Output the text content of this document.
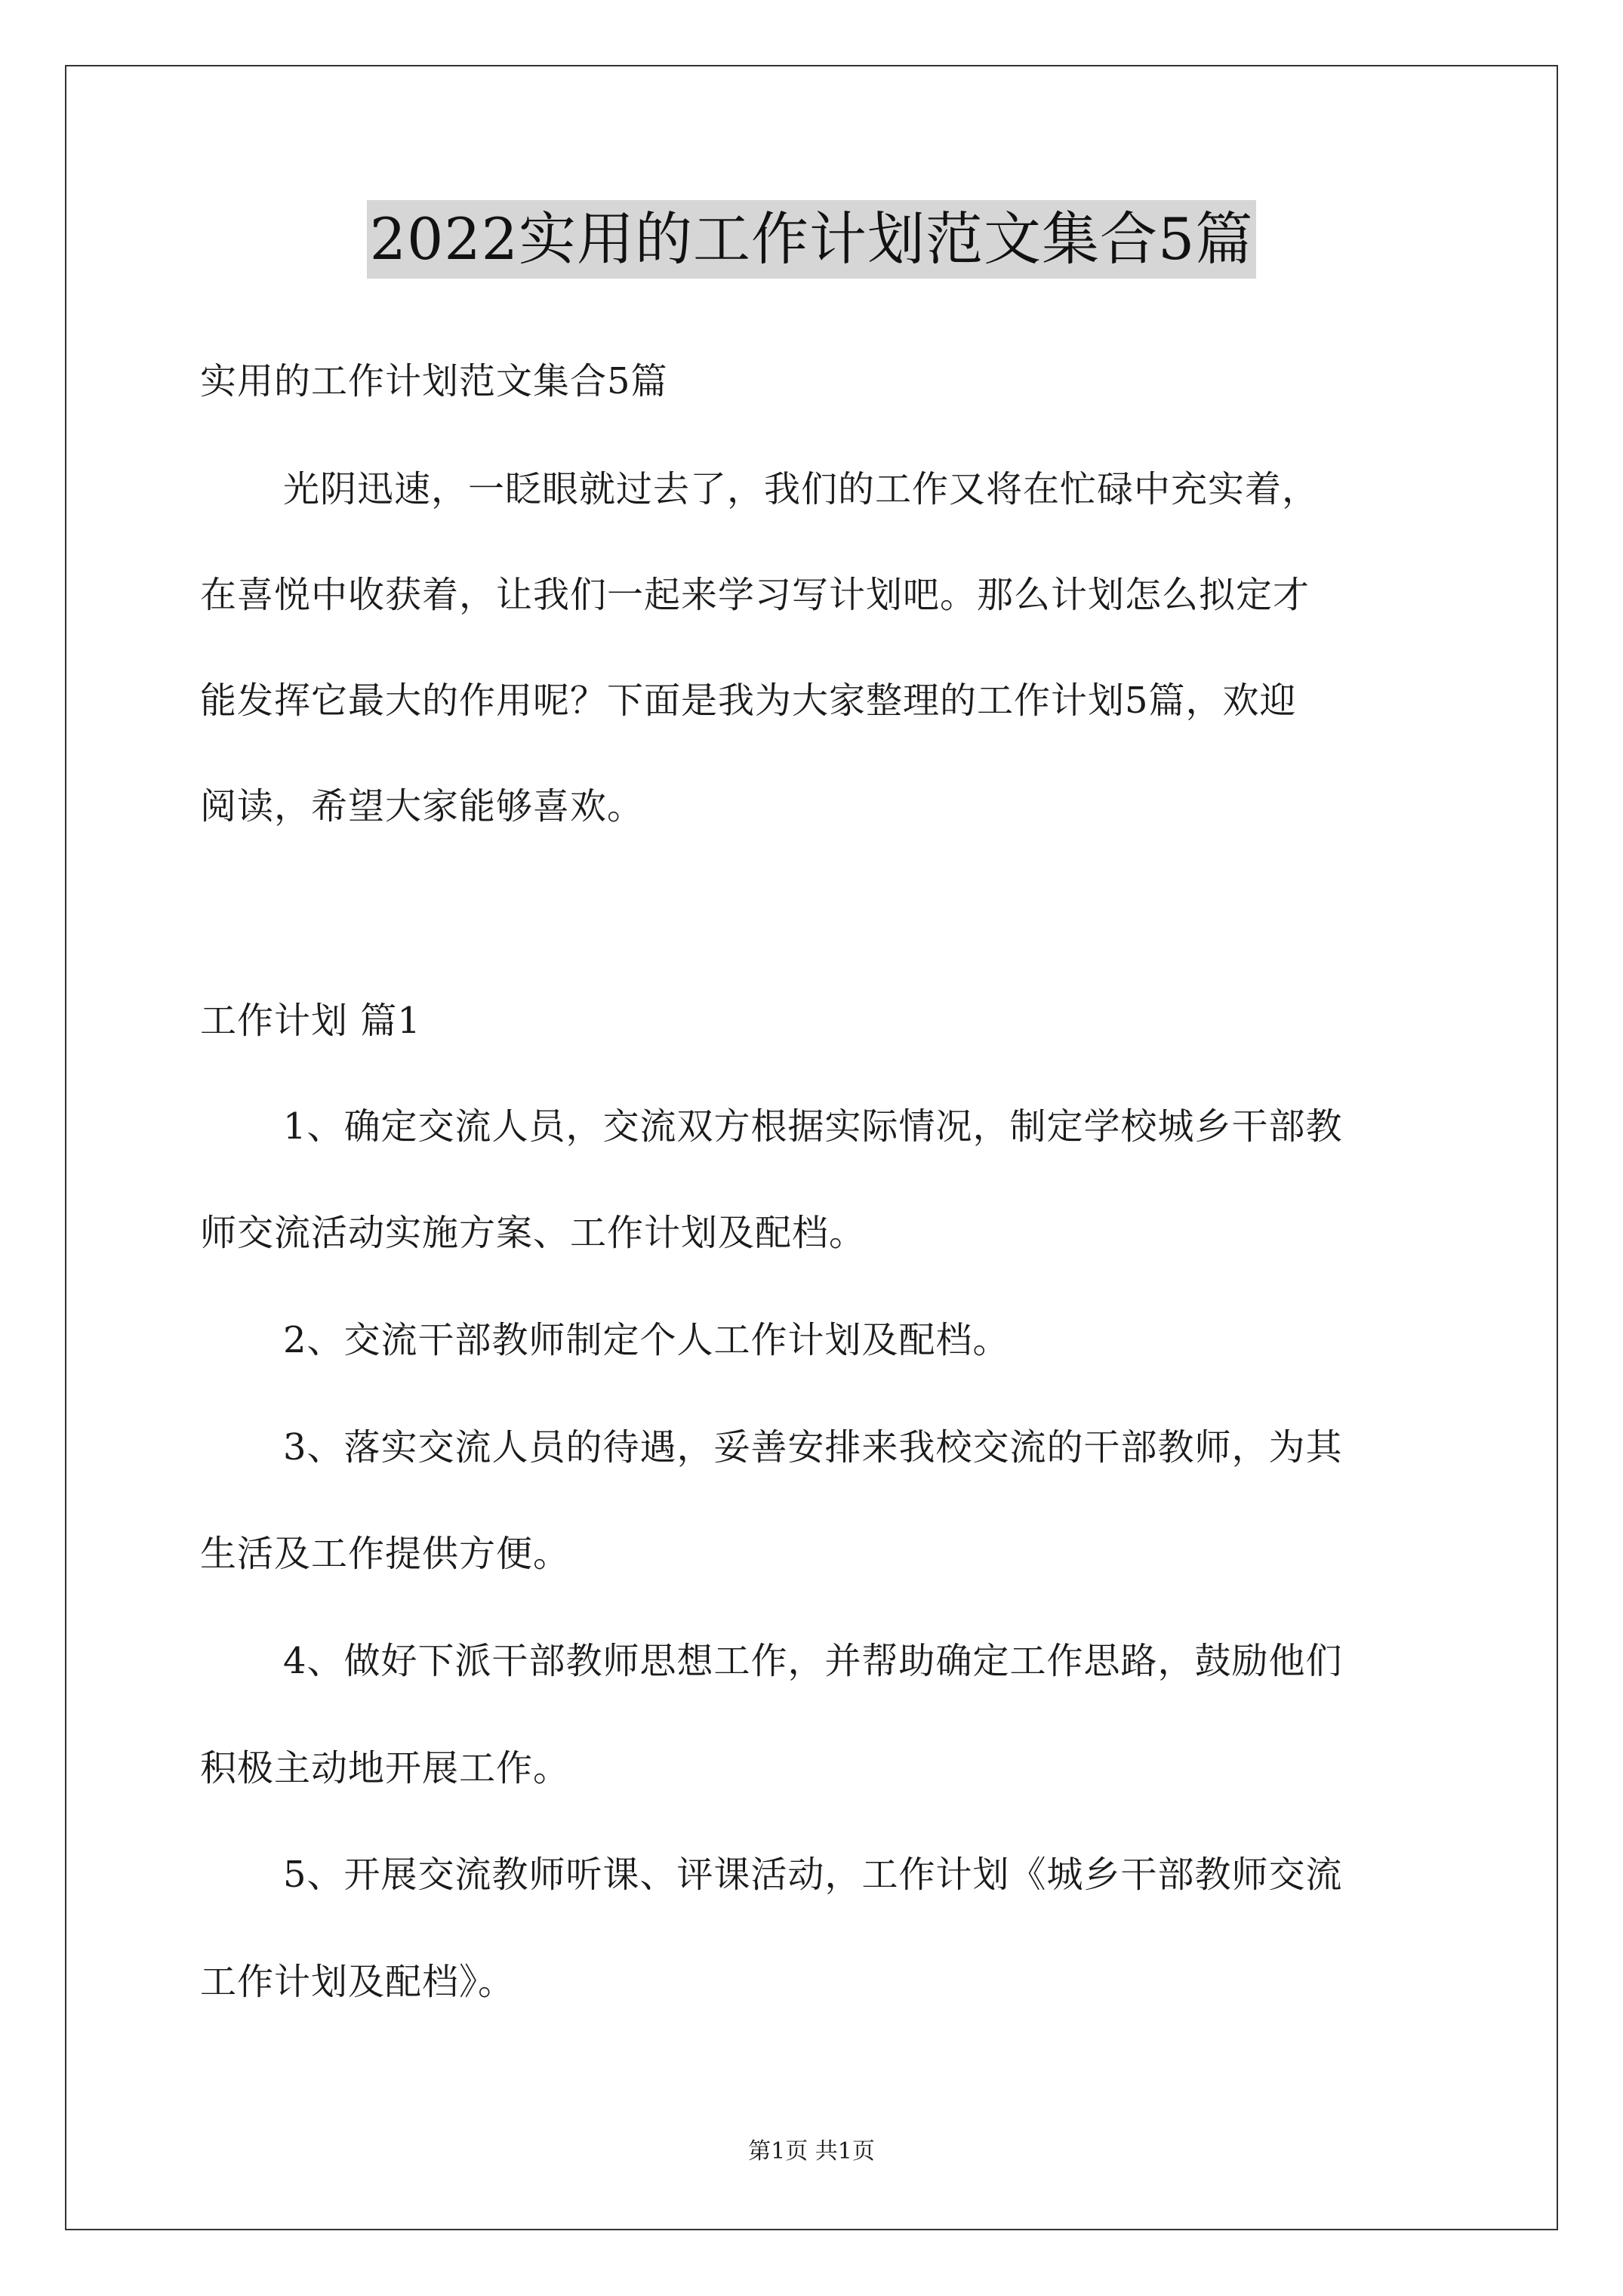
2022实用的工作计划范文集合5篇
实用的工作计划范文集合5篇
光阴迅速，一眨眼就过去了，我们的工作又将在忙碌中充实着，
在喜悦中收获着，让我们一起来学习写计划吧。那么计划怎么拟定才
能发挥它最大的作用呢？下面是我为大家整理的工作计划5篇，欢迎
阅读，希望大家能够喜欢。
工作计划 篇1
1、确定交流人员，交流双方根据实际情况，制定学校城乡干部教
师交流活动实施方案、工作计划及配档。
2、交流干部教师制定个人工作计划及配档。
3、落实交流人员的待遇，妥善安排来我校交流的干部教师，为其
生活及工作提供方便。
4、做好下派干部教师思想工作，并帮助确定工作思路，鼓励他们
积极主动地开展工作。
5、开展交流教师听课、评课活动，工作计划《城乡干部教师交流
工作计划及配档》。
第1页 共1页
